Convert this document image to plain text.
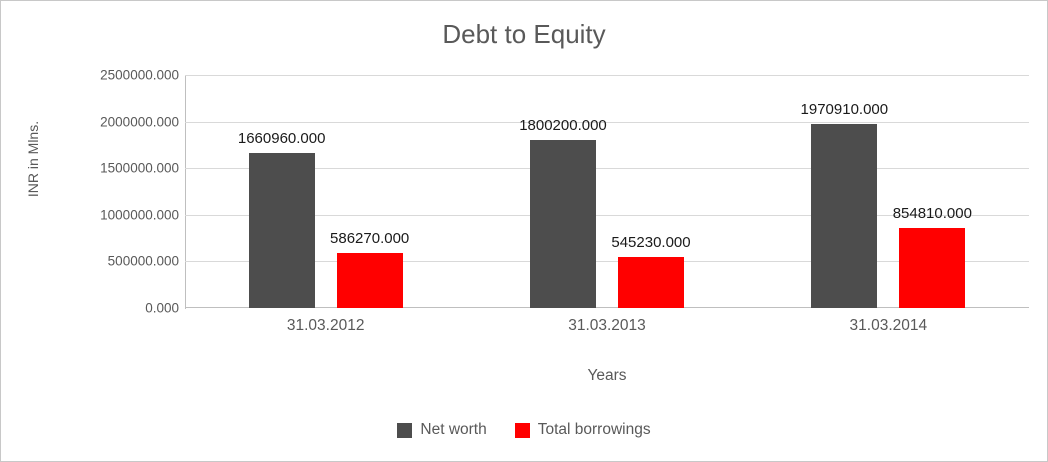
Debt to Equity
INR in Mlns.
2500000.000
2000000.000
1500000.000
1000000.000
500000.000
0.000
1660960.000
586270.000
1800200.000
545230.000
1970910.000
854810.000
31.03.2012	31.03.2013	31.03.2014
Years
Net worth	Total borrowings
